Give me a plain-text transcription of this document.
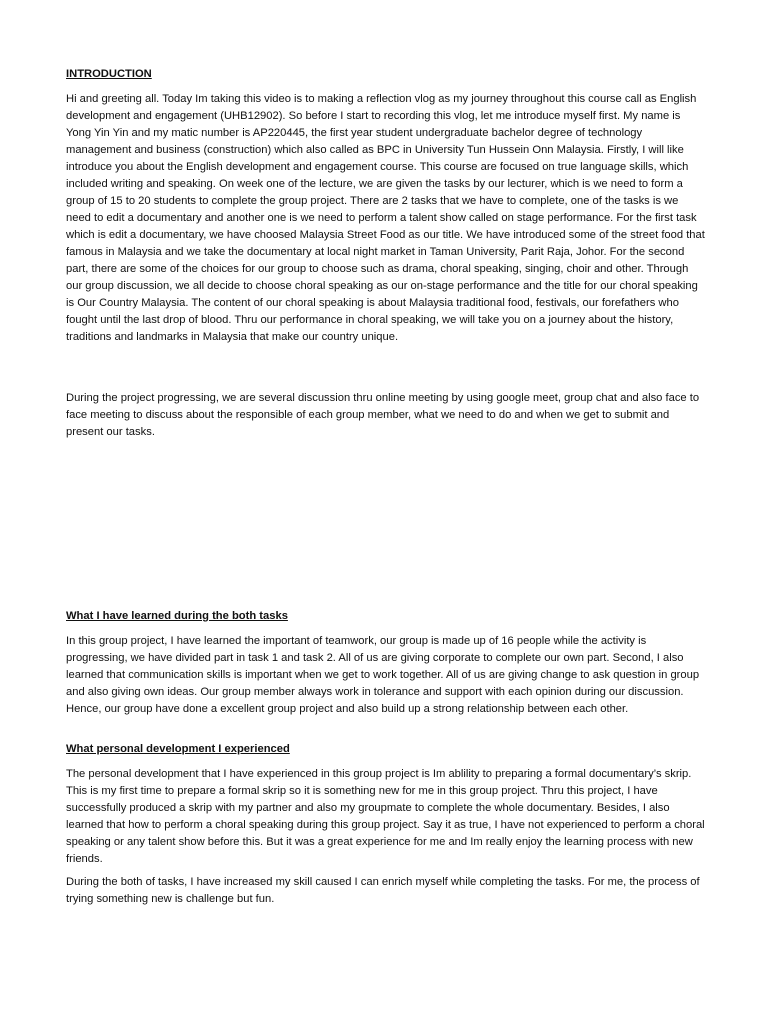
INTRODUCTION

Hi and greeting all. Today Im taking this video is to making a reflection vlog as my journey throughout this course call as English development and engagement (UHB12902). So before I start to recording this vlog, let me introduce myself first. My name is Yong Yin Yin and my matic number is AP220445, the first year student undergraduate bachelor degree of technology management and business (construction) which also called as BPC in University Tun Hussein Onn Malaysia. Firstly, I will like introduce you about the English development and engagement course. This course are focused on true language skills, which included writing and speaking. On week one of the lecture, we are given the tasks by our lecturer, which is we need to form a group of 15 to 20 students to complete the group project. There are 2 tasks that we have to complete, one of the tasks is we need to edit a documentary and another one is we need to perform a talent show called on stage performance. For the first task which is edit a documentary, we have choosed Malaysia Street Food as our title. We have introduced some of the street food that famous in Malaysia and we take the documentary at local night market in Taman University, Parit Raja, Johor. For the second part, there are some of the choices for our group to choose such as drama, choral speaking, singing, choir and other. Through our group discussion, we all decide to choose choral speaking as our on-stage performance and the title for our choral speaking is Our Country Malaysia. The content of our choral speaking is about Malaysia traditional food, festivals, our forefathers who fought until the last drop of blood. Thru our performance in choral speaking, we will take you on a journey about the history, traditions and landmarks in Malaysia that make our country unique.

During the project progressing, we are several discussion thru online meeting by using google meet, group chat and also face to face meeting to discuss about the responsible of each group member, what we need to do and when we get to submit and present our tasks.

What I have learned during the both tasks

In this group project, I have learned the important of teamwork, our group is made up of 16 people while the activity is progressing, we have divided part in task 1 and task 2. All of us are giving corporate to complete our own part. Second, I also learned that communication skills is important when we get to work together. All of us are giving change to ask question in group and also giving own ideas. Our group member always work in tolerance and support with each opinion during our discussion. Hence, our group have done a excellent group project and also build up a strong relationship between each other.

What personal development I experienced

The personal development that I have experienced in this group project is Im ablility to preparing a formal documentary’s skrip. This is my first time to prepare a formal skrip so it is something new for me in this group project. Thru this project, I have successfully produced a skrip with my partner and also my groupmate to complete the whole documentary. Besides, I also learned that how to perform a choral speaking during this group project. Say it as true, I have not experienced to perform a choral speaking or any talent show before this. But it was a great experience for me and Im really enjoy the learning process with new friends.

During the both of tasks, I have increased my skill caused I can enrich myself while completing the tasks. For me, the process of trying something new is challenge but fun.
